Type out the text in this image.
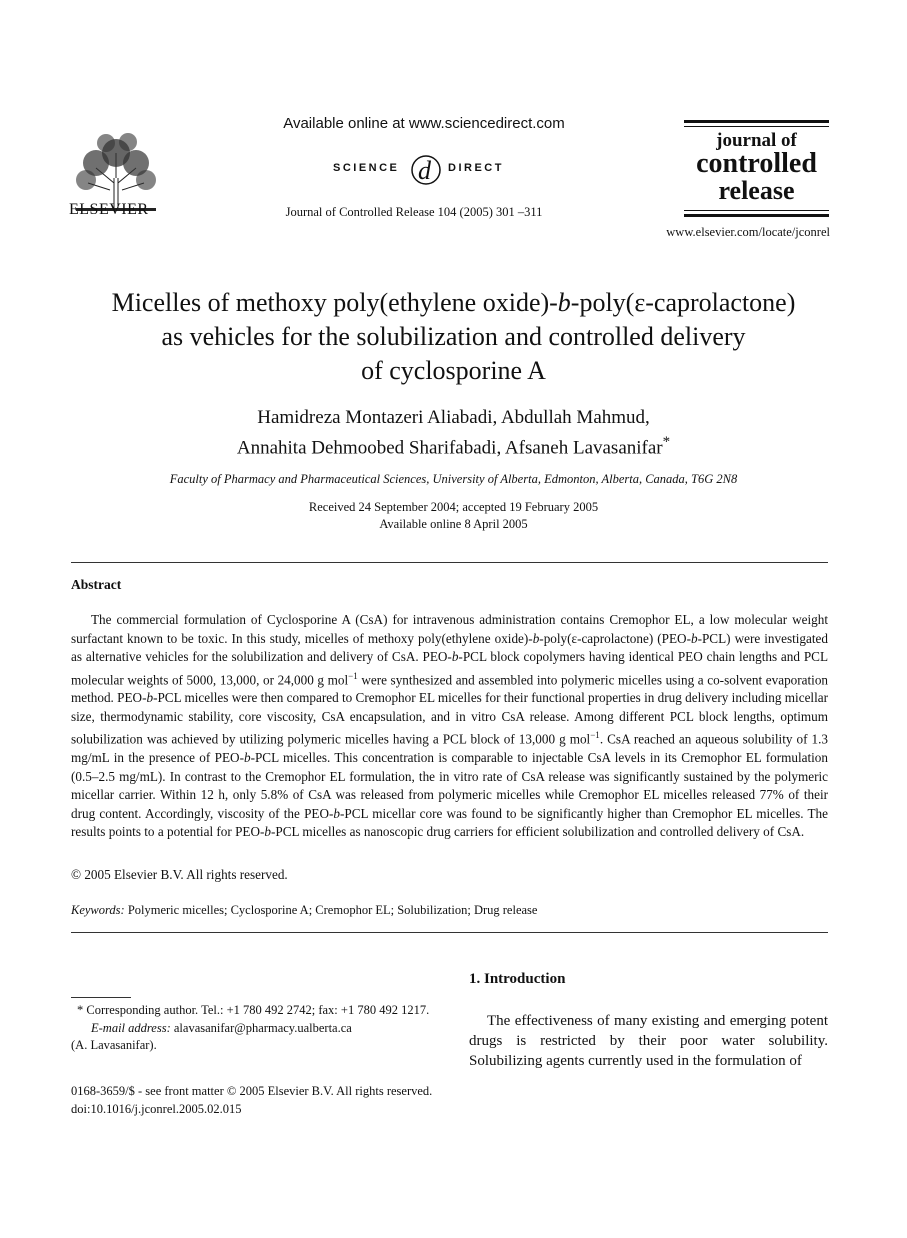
ELSEVIER
Available online at www.sciencedirect.com
SCIENCE d DIRECT
Journal of Controlled Release 104 (2005) 301 –311
journal of
controlled
release
www.elsevier.com/locate/jconrel
Micelles of methoxy poly(ethylene oxide)-b-poly(ε-caprolactone)
as vehicles for the solubilization and controlled delivery
of cyclosporine A
Hamidreza Montazeri Aliabadi, Abdullah Mahmud,
Annahita Dehmoobed Sharifabadi, Afsaneh Lavasanifar*
Faculty of Pharmacy and Pharmaceutical Sciences, University of Alberta, Edmonton, Alberta, Canada, T6G 2N8
Received 24 September 2004; accepted 19 February 2005
Available online 8 April 2005
Abstract

The commercial formulation of Cyclosporine A (CsA) for intravenous administration contains Cremophor EL, a low molecular weight surfactant known to be toxic. In this study, micelles of methoxy poly(ethylene oxide)-b-poly(ε-caprolactone) (PEO-b-PCL) were investigated as alternative vehicles for the solubilization and delivery of CsA. PEO-b-PCL block copolymers having identical PEO chain lengths and PCL molecular weights of 5000, 13,000, or 24,000 g mol$^{-1}$ were synthesized and assembled into polymeric micelles using a co-solvent evaporation method. PEO-b-PCL micelles were then compared to Cremophor EL micelles for their functional properties in drug delivery including micellar size, thermodynamic stability, core viscosity, CsA encapsulation, and in vitro CsA release. Among different PCL block lengths, optimum solubilization was achieved by utilizing polymeric micelles having a PCL block of 13,000 g mol$^{-1}$. CsA reached an aqueous solubility of 1.3 mg/mL in the presence of PEO-b-PCL micelles. This concentration is comparable to injectable CsA levels in its Cremophor EL formulation (0.5–2.5 mg/mL). In contrast to the Cremophor EL formulation, the in vitro rate of CsA release was significantly sustained by the polymeric micellar carrier. Within 12 h, only 5.8% of CsA was released from polymeric micelles while Cremophor EL micelles released 77% of their drug content. Accordingly, viscosity of the PEO-b-PCL micellar core was found to be significantly higher than Cremophor EL micelles. The results points to a potential for PEO-b-PCL micelles as nanoscopic drug carriers for efficient solubilization and controlled delivery of CsA.

© 2005 Elsevier B.V. All rights reserved.
Keywords: Polymeric micelles; Cyclosporine A; Cremophor EL; Solubilization; Drug release
* Corresponding author. Tel.: +1 780 492 2742; fax: +1 780 492 1217.
E-mail address: alavasanifar@pharmacy.ualberta.ca
(A. Lavasanifar).
0168-3659/$ - see front matter © 2005 Elsevier B.V. All rights reserved.
doi:10.1016/j.jconrel.2005.02.015
1. Introduction

The effectiveness of many existing and emerging potent drugs is restricted by their poor water solubility. Solubilizing agents currently used in the formulation of
